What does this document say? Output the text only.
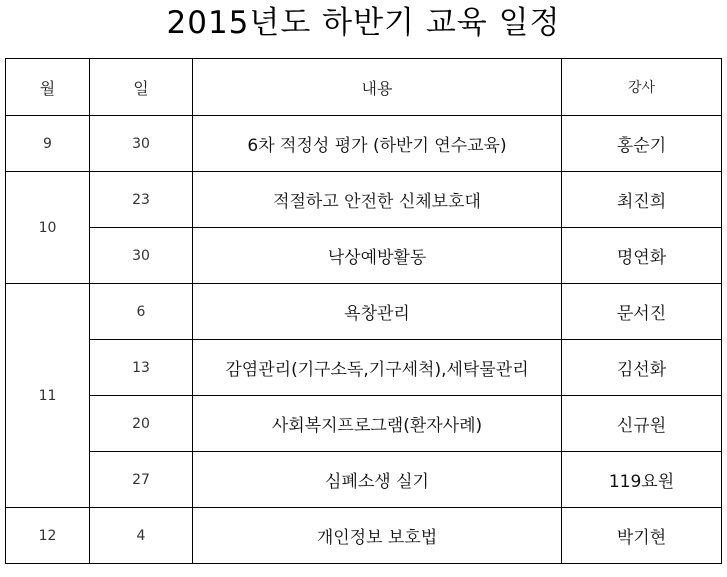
2015년도 하반기 교육 일정
월	일	내용	강사
9	30	6차 적정성 평가 (하반기 연수교육)	홍순기
10	23	적절하고 안전한 신체보호대	최진희
	30	낙상예방활동	명연화
11	6	욕창관리	문서진
	13	감염관리(기구소독,기구세척),세탁물관리	김선화
	20	사회복지프로그램(환자사례)	신규원
	27	심폐소생 실기	119요원
12	4	개인정보 보호법	박기현
